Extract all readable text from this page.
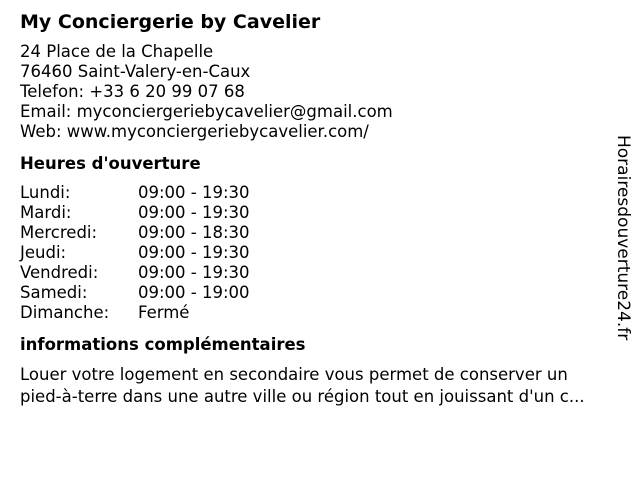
My Conciergerie by Cavelier
24 Place de la Chapelle
76460 Saint-Valery-en-Caux
Telefon: +33 6 20 99 07 68
Email: myconciergeriebycavelier@gmail.com
Web: www.myconciergeriebycavelier.com/
Heures d'ouverture
Lundi:	09:00 - 19:30
Mardi:	09:00 - 19:30
Mercredi:	09:00 - 18:30
Jeudi:	09:00 - 19:30
Vendredi:	09:00 - 19:30
Samedi:	09:00 - 19:00
Dimanche:	Fermé
informations complémentaires
Louer votre logement en secondaire vous permet de conserver un pied-à-terre dans une autre ville ou région tout en jouissant d'un c...
Horairesdouverture24.fr
